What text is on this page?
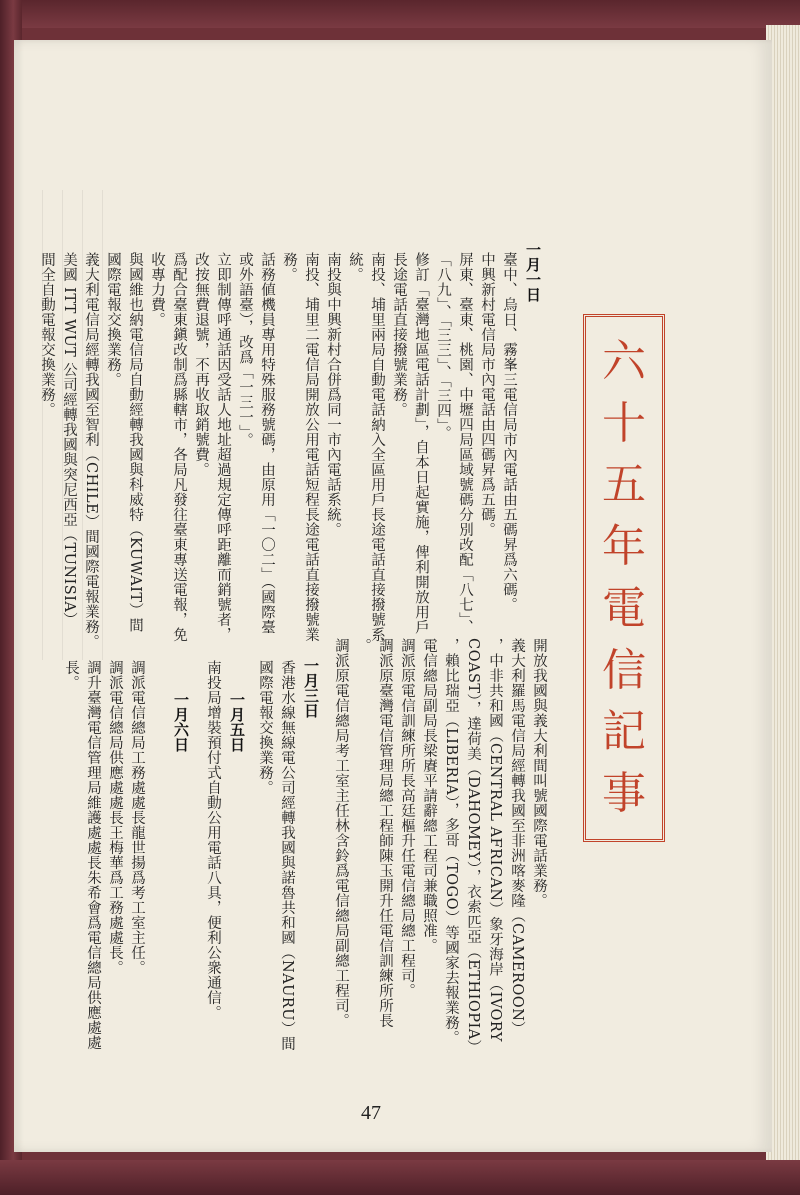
六
十
五
年
電
信
記
事
一月一日
臺中、烏日、霧峯三電信局市內電話由五碼昇爲六碼。
中興新村電信局市內電話由四碼昇爲五碼。
屏東、臺東、桃園、中壢四局區域號碼分別改配「八七」、
「八九」、「三三」、「三四」。
修訂「臺灣地區電話計劃」，自本日起實施，俾利開放用戶
長途電話直接撥號業務。
南投、埔里兩局自動電話納入全區用戶長途電話直接撥號系
統。
南投與中興新村合併爲同一市內電話系統。
南投、埔里二電信局開放公用電話短程長途電話直接撥號業
務。
話務値機員專用特殊服務號碼，由原用「一〇二」（國際臺
或外語臺），改爲「一三一」。
立即制傳呼通話因受話人地址超過規定傳呼距離而銷號者，
改按無費退號，不再收取銷號費。
爲配合臺東鎭改制爲縣轄市，各局凡發往臺東專送電報，免
收專力費。
與國維也納電信局自動經轉我國與科威特（KUWAIT）間
國際電報交換業務。
義大利電信局經轉我國至智利（CHILE）間國際電報業務。
美國 ITT WUT 公司經轉我國與突尼西亞（TUNISIA）
間全自動電報交換業務。
開放我國與義大利間叫號國際電話業務。
義大利羅馬電信局經轉我國至非洲喀麥隆（CAMEROON）
，中非共和國（CENTRAL AFRICAN）象牙海岸（IVORY
COAST），達荷美（DAHOMEY），衣索匹亞（ETHIOPIA）
，賴比瑞亞（LIBERIA），多哥（TOGO）等國家去報業務。
電信總局副局長梁賡平請辭總工程司兼職照准。
調派原電信訓練所所長高廷樞升任電信總局總工程司。
調派原臺灣電信管理局總工程師陳玉開升任電信訓練所所長
。
調派原電信總局考工室主任林含鈴爲電信總局副總工程司。
一月三日
香港水線無線電公司經轉我國與諾魯共和國（NAURU）間
國際電報交換業務。
一月五日
南投局增裝預付式自動公用電話八具，便利公衆通信。
一月六日
調派電信總局工務處處長龍世揚爲考工室主任。
調派電信總局供應處處長王梅華爲工務處處長。
調升臺灣電信管理局維護處處長朱希會爲電信總局供應處處
長。
47
